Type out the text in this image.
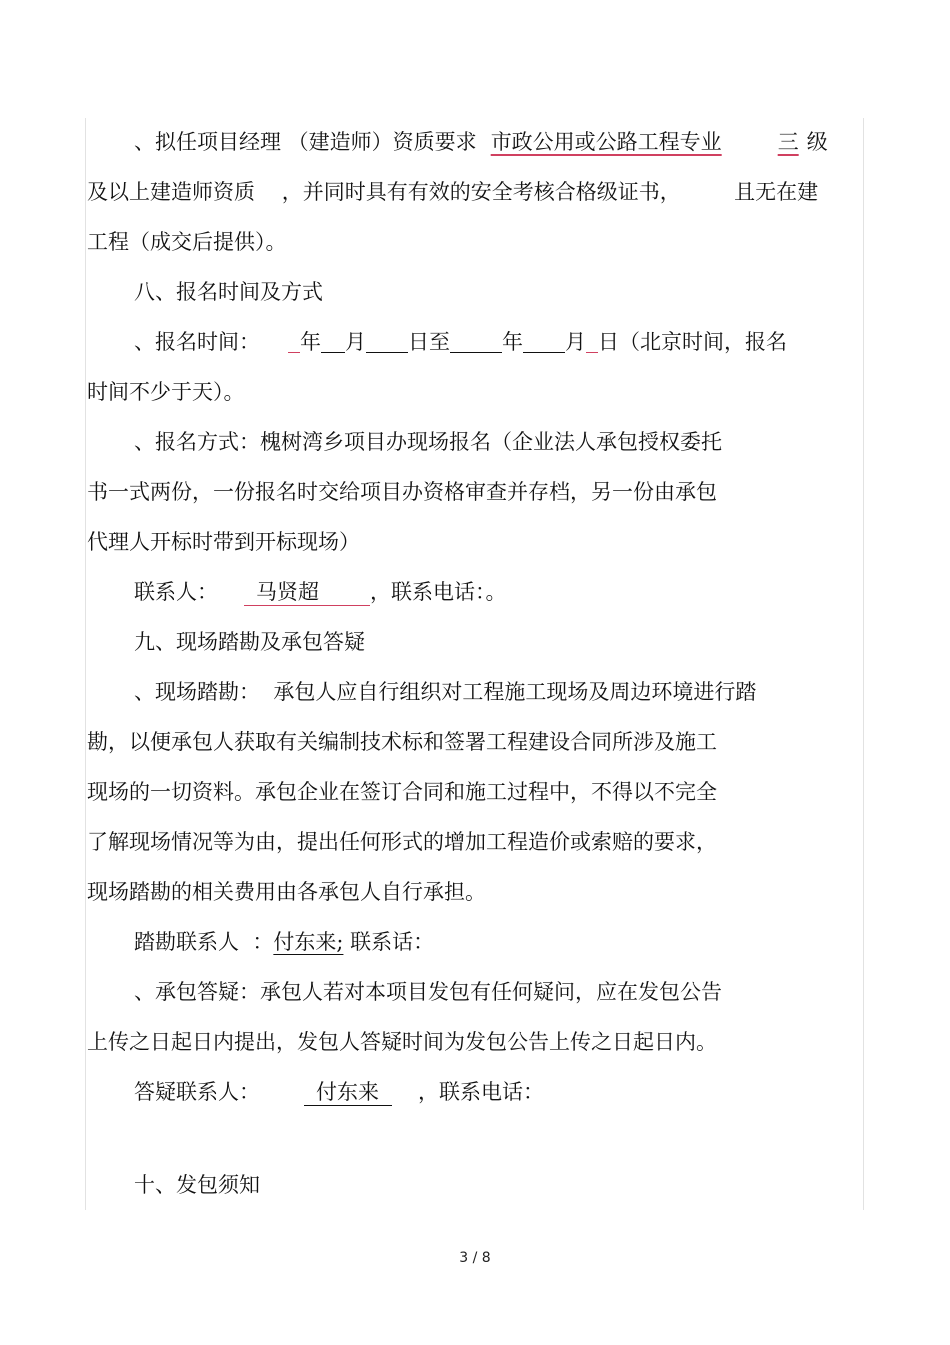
、拟任项目经理 （建造师）资质要求 市政公用或公路工程专业	三 级
及以上建造师资质    ，并同时具有有效的安全考核合格级证书，        且无在建
工程（成交后提供）。
八、报名时间及方式
、报名时间： 年 月 日至 年 月 日（北京时间，报名
时间不少于天）。
、报名方式：槐树湾乡项目办现场报名（企业法人承包授权委托
书一式两份，一份报名时交给项目办资格审查并存档，另一份由承包
代理人开标时带到开标现场）
联系人： 马贤超 ，联系电话：。
九、现场踏勘及承包答疑
、现场踏勘：  承包人应自行组织对工程施工现场及周边环境进行踏
勘，以便承包人获取有关编制技术标和签署工程建设合同所涉及施工
现场的一切资料。承包企业在签订合同和施工过程中，不得以不完全
了解现场情况等为由，提出任何形式的增加工程造价或索赔的要求，
现场踏勘的相关费用由各承包人自行承担。
踏勘联系人  ：付东来; 联系话：
、承包答疑：承包人若对本项目发包有任何疑问，应在发包公告
上传之日起日内提出，发包人答疑时间为发包公告上传之日起日内。
答疑联系人：	付东来 ，联系电话：
十、发包须知
3 / 8
